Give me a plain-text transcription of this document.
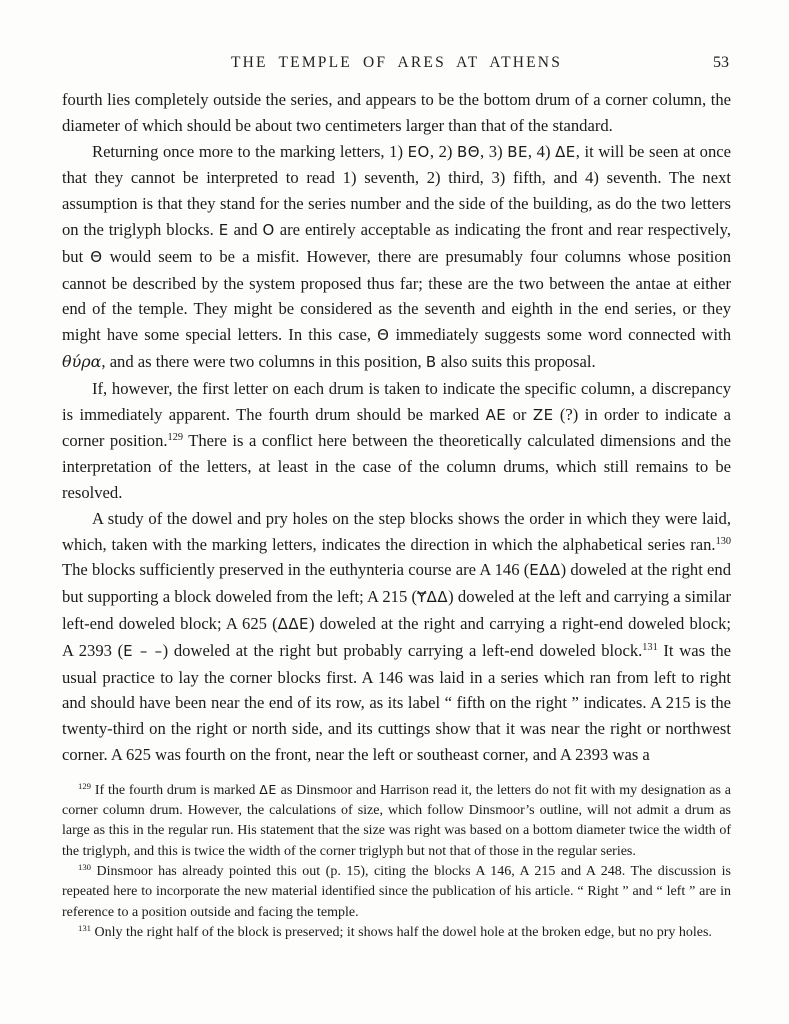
THE TEMPLE OF ARES AT ATHENS	53

fourth lies completely outside the series, and appears to be the bottom drum of a corner column, the diameter of which should be about two centimeters larger than that of the standard.

Returning once more to the marking letters, 1) EO, 2) BΘ, 3) BE, 4) ΔE, it will be seen at once that they cannot be interpreted to read 1) seventh, 2) third, 3) fifth, and 4) seventh. The next assumption is that they stand for the series number and the side of the building, as do the two letters on the triglyph blocks. E and O are entirely acceptable as indicating the front and rear respectively, but Θ would seem to be a misfit. However, there are presumably four columns whose position cannot be described by the system proposed thus far; these are the two between the antae at either end of the temple. They might be considered as the seventh and eighth in the end series, or they might have some special letters. In this case, Θ immediately suggests some word connected with θύρα, and as there were two columns in this position, B also suits this proposal.

If, however, the first letter on each drum is taken to indicate the specific column, a discrepancy is immediately apparent. The fourth drum should be marked AE or ZE (?) in order to indicate a corner position.$^{129}$ There is a conflict here between the theoretically calculated dimensions and the interpretation of the letters, at least in the case of the column drums, which still remains to be resolved.

A study of the dowel and pry holes on the step blocks shows the order in which they were laid, which, taken with the marking letters, indicates the direction in which the alphabetical series ran.$^{130}$ The blocks sufficiently preserved in the euthynteria course are A 146 (EΔΔ) doweled at the right end but supporting a block doweled from the left; A 215 (ɎΔΔ) doweled at the left and carrying a similar left-end doweled block; A 625 (ΔΔE) doweled at the right and carrying a right-end doweled block; A 2393 (E – –) doweled at the right but probably carrying a left-end doweled block.$^{131}$ It was the usual practice to lay the corner blocks first. A 146 was laid in a series which ran from left to right and should have been near the end of its row, as its label “ fifth on the right ” indicates. A 215 is the twenty-third on the right or north side, and its cuttings show that it was near the right or northwest corner. A 625 was fourth on the front, near the left or southeast corner, and A 2393 was a

$^{129}$ If the fourth drum is marked ΔE as Dinsmoor and Harrison read it, the letters do not fit with my designation as a corner column drum. However, the calculations of size, which follow Dinsmoor’s outline, will not admit a drum as large as this in the regular run. His statement that the size was right was based on a bottom diameter twice the width of the triglyph, and this is twice the width of the corner triglyph but not that of those in the regular series.

$^{130}$ Dinsmoor has already pointed this out (p. 15), citing the blocks A 146, A 215 and A 248. The discussion is repeated here to incorporate the new material identified since the publication of his article. “ Right ” and “ left ” are in reference to a position outside and facing the temple.

$^{131}$ Only the right half of the block is preserved; it shows half the dowel hole at the broken edge, but no pry holes.
